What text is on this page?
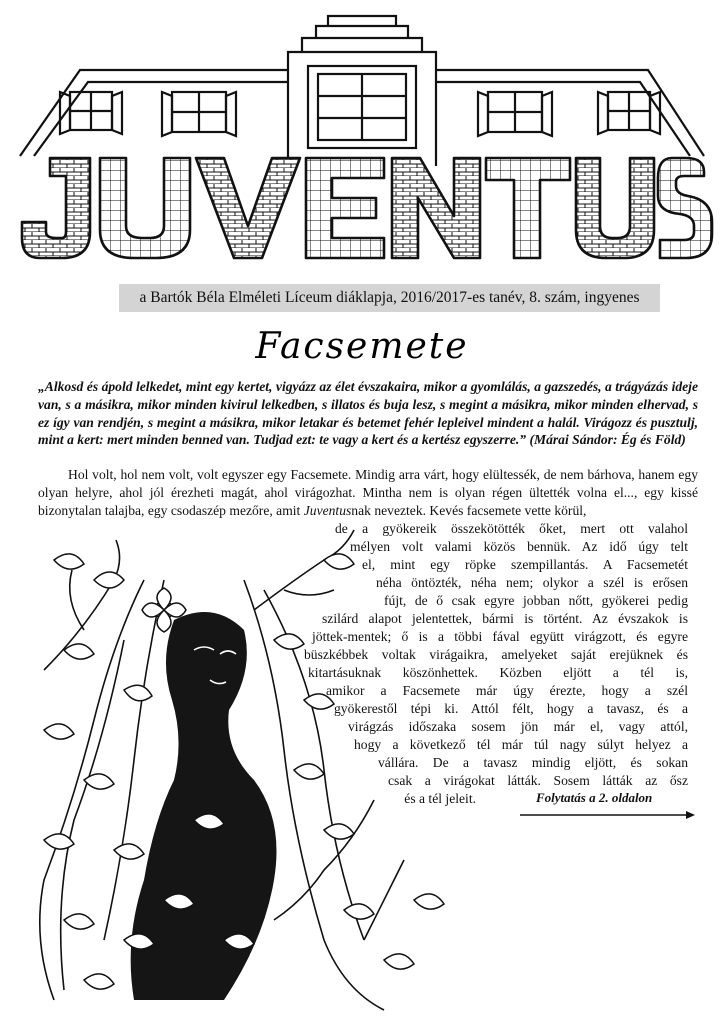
a Bartók Béla Elméleti Líceum diáklapja, 2016/2017-es tanév, 8. szám, ingyenes
Facsemete

„Alkosd és ápold lelkedet, mint egy kertet, vigyázz az élet évszakaira, mikor a gyomlálás, a gazszedés, a trágyázás ideje van, s a másikra, mikor minden kivirul lelkedben, s illatos és buja lesz, s megint a másikra, mikor minden elhervad, s ez így van rendjén, s megint a másikra, mikor letakar és betemet fehér lepleivel mindent a halál. Virágozz és pusztulj, mint a kert: mert minden benned van. Tudjad ezt: te vagy a kert és a kertész egyszerre.” (Márai Sándor: Ég és Föld)

Hol volt, hol nem volt, volt egyszer egy Facsemete. Mindig arra várt, hogy elültessék, de nem bárhova, hanem egy olyan helyre, ahol jól érezheti magát, ahol virágozhat. Mintha nem is olyan régen ültették volna el..., egy kissé bizonytalan talajba, egy csodaszép mezőre, amit Juventusnak neveztek. Kevés facsemete vette körül,

de a gyökereik összekötötték őket, mert ott valahol
mélyen volt valami közös bennük. Az idő úgy telt
el, mint egy röpke szempillantás. A Facsemetét
néha öntözték, néha nem; olykor a szél is erősen
fújt, de ő csak egyre jobban nőtt, gyökerei pedig
szilárd alapot jelentettek, bármi is történt. Az évszakok is
jöttek-mentek; ő is a többi fával együtt virágzott, és egyre
büszkébbek voltak virágaikra, amelyeket saját erejüknek és
kitartásuknak köszönhettek. Közben eljött a tél is,
amikor a Facsemete már úgy érezte, hogy a szél
gyökerestől tépi ki. Attól félt, hogy a tavasz, és a
virágzás időszaka sosem jön már el, vagy attól,
hogy a következő tél már túl nagy súlyt helyez a
vállára. De a tavasz mindig eljött, és sokan
csak a virágokat látták. Sosem látták az ősz
és a tél jeleit.	Folytatás a 2. oldalon
